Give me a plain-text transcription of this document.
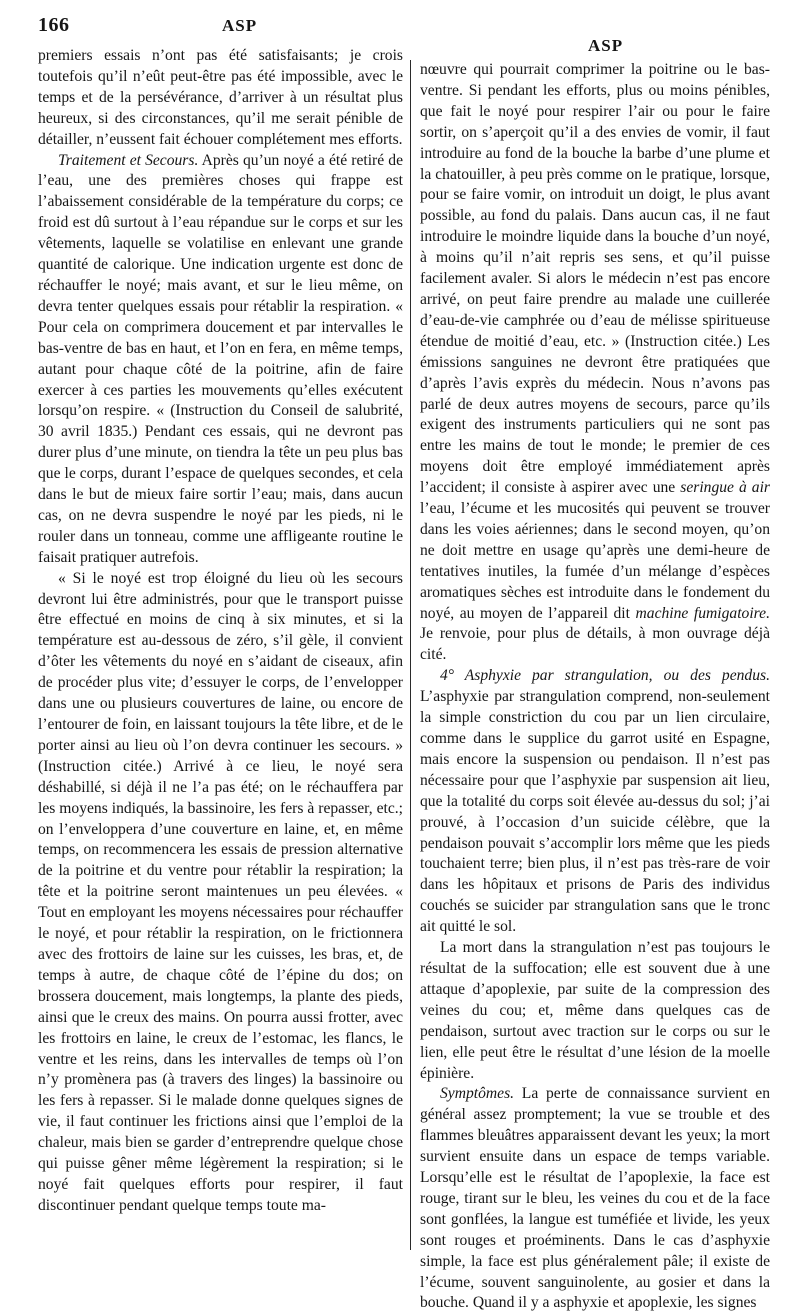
166	ASP
ASP

premiers essais n’ont pas été satisfaisants; je crois toutefois qu’il n’eût peut-être pas été impossible, avec le temps et de la persévérance, d’arriver à un résultat plus heureux, si des circonstances, qu’il me serait pénible de détailler, n’eussent fait échouer complétement mes efforts.

Traitement et Secours. Après qu’un noyé a été retiré de l’eau, une des premières choses qui frappe est l’abaissement considérable de la température du corps; ce froid est dû surtout à l’eau répandue sur le corps et sur les vêtements, laquelle se volatilise en enlevant une grande quantité de calorique. Une indication urgente est donc de réchauffer le noyé; mais avant, et sur le lieu même, on devra tenter quelques essais pour rétablir la respiration. « Pour cela on comprimera doucement et par intervalles le bas-ventre de bas en haut, et l’on en fera, en même temps, autant pour chaque côté de la poitrine, afin de faire exercer à ces parties les mouvements qu’elles exécutent lorsqu’on respire. « (Instruction du Conseil de salubrité, 30 avril 1835.) Pendant ces essais, qui ne devront pas durer plus d’une minute, on tiendra la tête un peu plus bas que le corps, durant l’espace de quelques secondes, et cela dans le but de mieux faire sortir l’eau; mais, dans aucun cas, on ne devra suspendre le noyé par les pieds, ni le rouler dans un tonneau, comme une affligeante routine le faisait pratiquer autrefois.

« Si le noyé est trop éloigné du lieu où les secours devront lui être administrés, pour que le transport puisse être effectué en moins de cinq à six minutes, et si la température est au-dessous de zéro, s’il gèle, il convient d’ôter les vêtements du noyé en s’aidant de ciseaux, afin de procéder plus vite; d’essuyer le corps, de l’envelopper dans une ou plusieurs couvertures de laine, ou encore de l’entourer de foin, en laissant toujours la tête libre, et de le porter ainsi au lieu où l’on devra continuer les secours. » (Instruction citée.) Arrivé à ce lieu, le noyé sera déshabillé, si déjà il ne l’a pas été; on le réchauffera par les moyens indiqués, la bassinoire, les fers à repasser, etc.; on l’enveloppera d’une couverture en laine, et, en même temps, on recommencera les essais de pression alternative de la poitrine et du ventre pour rétablir la respiration; la tête et la poitrine seront maintenues un peu élevées. « Tout en employant les moyens nécessaires pour réchauffer le noyé, et pour rétablir la respiration, on le frictionnera avec des frottoirs de laine sur les cuisses, les bras, et, de temps à autre, de chaque côté de l’épine du dos; on brossera doucement, mais longtemps, la plante des pieds, ainsi que le creux des mains. On pourra aussi frotter, avec les frottoirs en laine, le creux de l’estomac, les flancs, le ventre et les reins, dans les intervalles de temps où l’on n’y promènera pas (à travers des linges) la bassinoire ou les fers à repasser. Si le malade donne quelques signes de vie, il faut continuer les frictions ainsi que l’emploi de la chaleur, mais bien se garder d’entreprendre quelque chose qui puisse gêner même légèrement la respiration; si le noyé fait quelques efforts pour respirer, il faut discontinuer pendant quelque temps toute ma-

nœuvre qui pourrait comprimer la poitrine ou le bas-ventre. Si pendant les efforts, plus ou moins pénibles, que fait le noyé pour respirer l’air ou pour le faire sortir, on s’aperçoit qu’il a des envies de vomir, il faut introduire au fond de la bouche la barbe d’une plume et la chatouiller, à peu près comme on le pratique, lorsque, pour se faire vomir, on introduit un doigt, le plus avant possible, au fond du palais. Dans aucun cas, il ne faut introduire le moindre liquide dans la bouche d’un noyé, à moins qu’il n’ait repris ses sens, et qu’il puisse facilement avaler. Si alors le médecin n’est pas encore arrivé, on peut faire prendre au malade une cuillerée d’eau-de-vie camphrée ou d’eau de mélisse spiritueuse étendue de moitié d’eau, etc. » (Instruction citée.) Les émissions sanguines ne devront être pratiquées que d’après l’avis exprès du médecin. Nous n’avons pas parlé de deux autres moyens de secours, parce qu’ils exigent des instruments particuliers qui ne sont pas entre les mains de tout le monde; le premier de ces moyens doit être employé immédiatement après l’accident; il consiste à aspirer avec une seringue à air l’eau, l’écume et les mucosités qui peuvent se trouver dans les voies aériennes; dans le second moyen, qu’on ne doit mettre en usage qu’après une demi-heure de tentatives inutiles, la fumée d’un mélange d’espèces aromatiques sèches est introduite dans le fondement du noyé, au moyen de l’appareil dit machine fumigatoire. Je renvoie, pour plus de détails, à mon ouvrage déjà cité.

4° Asphyxie par strangulation, ou des pendus. L’asphyxie par strangulation comprend, non-seulement la simple constriction du cou par un lien circulaire, comme dans le supplice du garrot usité en Espagne, mais encore la suspension ou pendaison. Il n’est pas nécessaire pour que l’asphyxie par suspension ait lieu, que la totalité du corps soit élevée au-dessus du sol; j’ai prouvé, à l’occasion d’un suicide célèbre, que la pendaison pouvait s’accomplir lors même que les pieds touchaient terre; bien plus, il n’est pas très-rare de voir dans les hôpitaux et prisons de Paris des individus couchés se suicider par strangulation sans que le tronc ait quitté le sol.

La mort dans la strangulation n’est pas toujours le résultat de la suffocation; elle est souvent due à une attaque d’apoplexie, par suite de la compression des veines du cou; et, même dans quelques cas de pendaison, surtout avec traction sur le corps ou sur le lien, elle peut être le résultat d’une lésion de la moelle épinière.

Symptômes. La perte de connaissance survient en général assez promptement; la vue se trouble et des flammes bleuâtres apparaissent devant les yeux; la mort survient ensuite dans un espace de temps variable. Lorsqu’elle est le résultat de l’apoplexie, la face est rouge, tirant sur le bleu, les veines du cou et de la face sont gonflées, la langue est tuméfiée et livide, les yeux sont rouges et proéminents. Dans le cas d’asphyxie simple, la face est plus généralement pâle; il existe de l’écume, souvent sanguinolente, au gosier et dans la bouche. Quand il y a asphyxie et apoplexie, les signes
